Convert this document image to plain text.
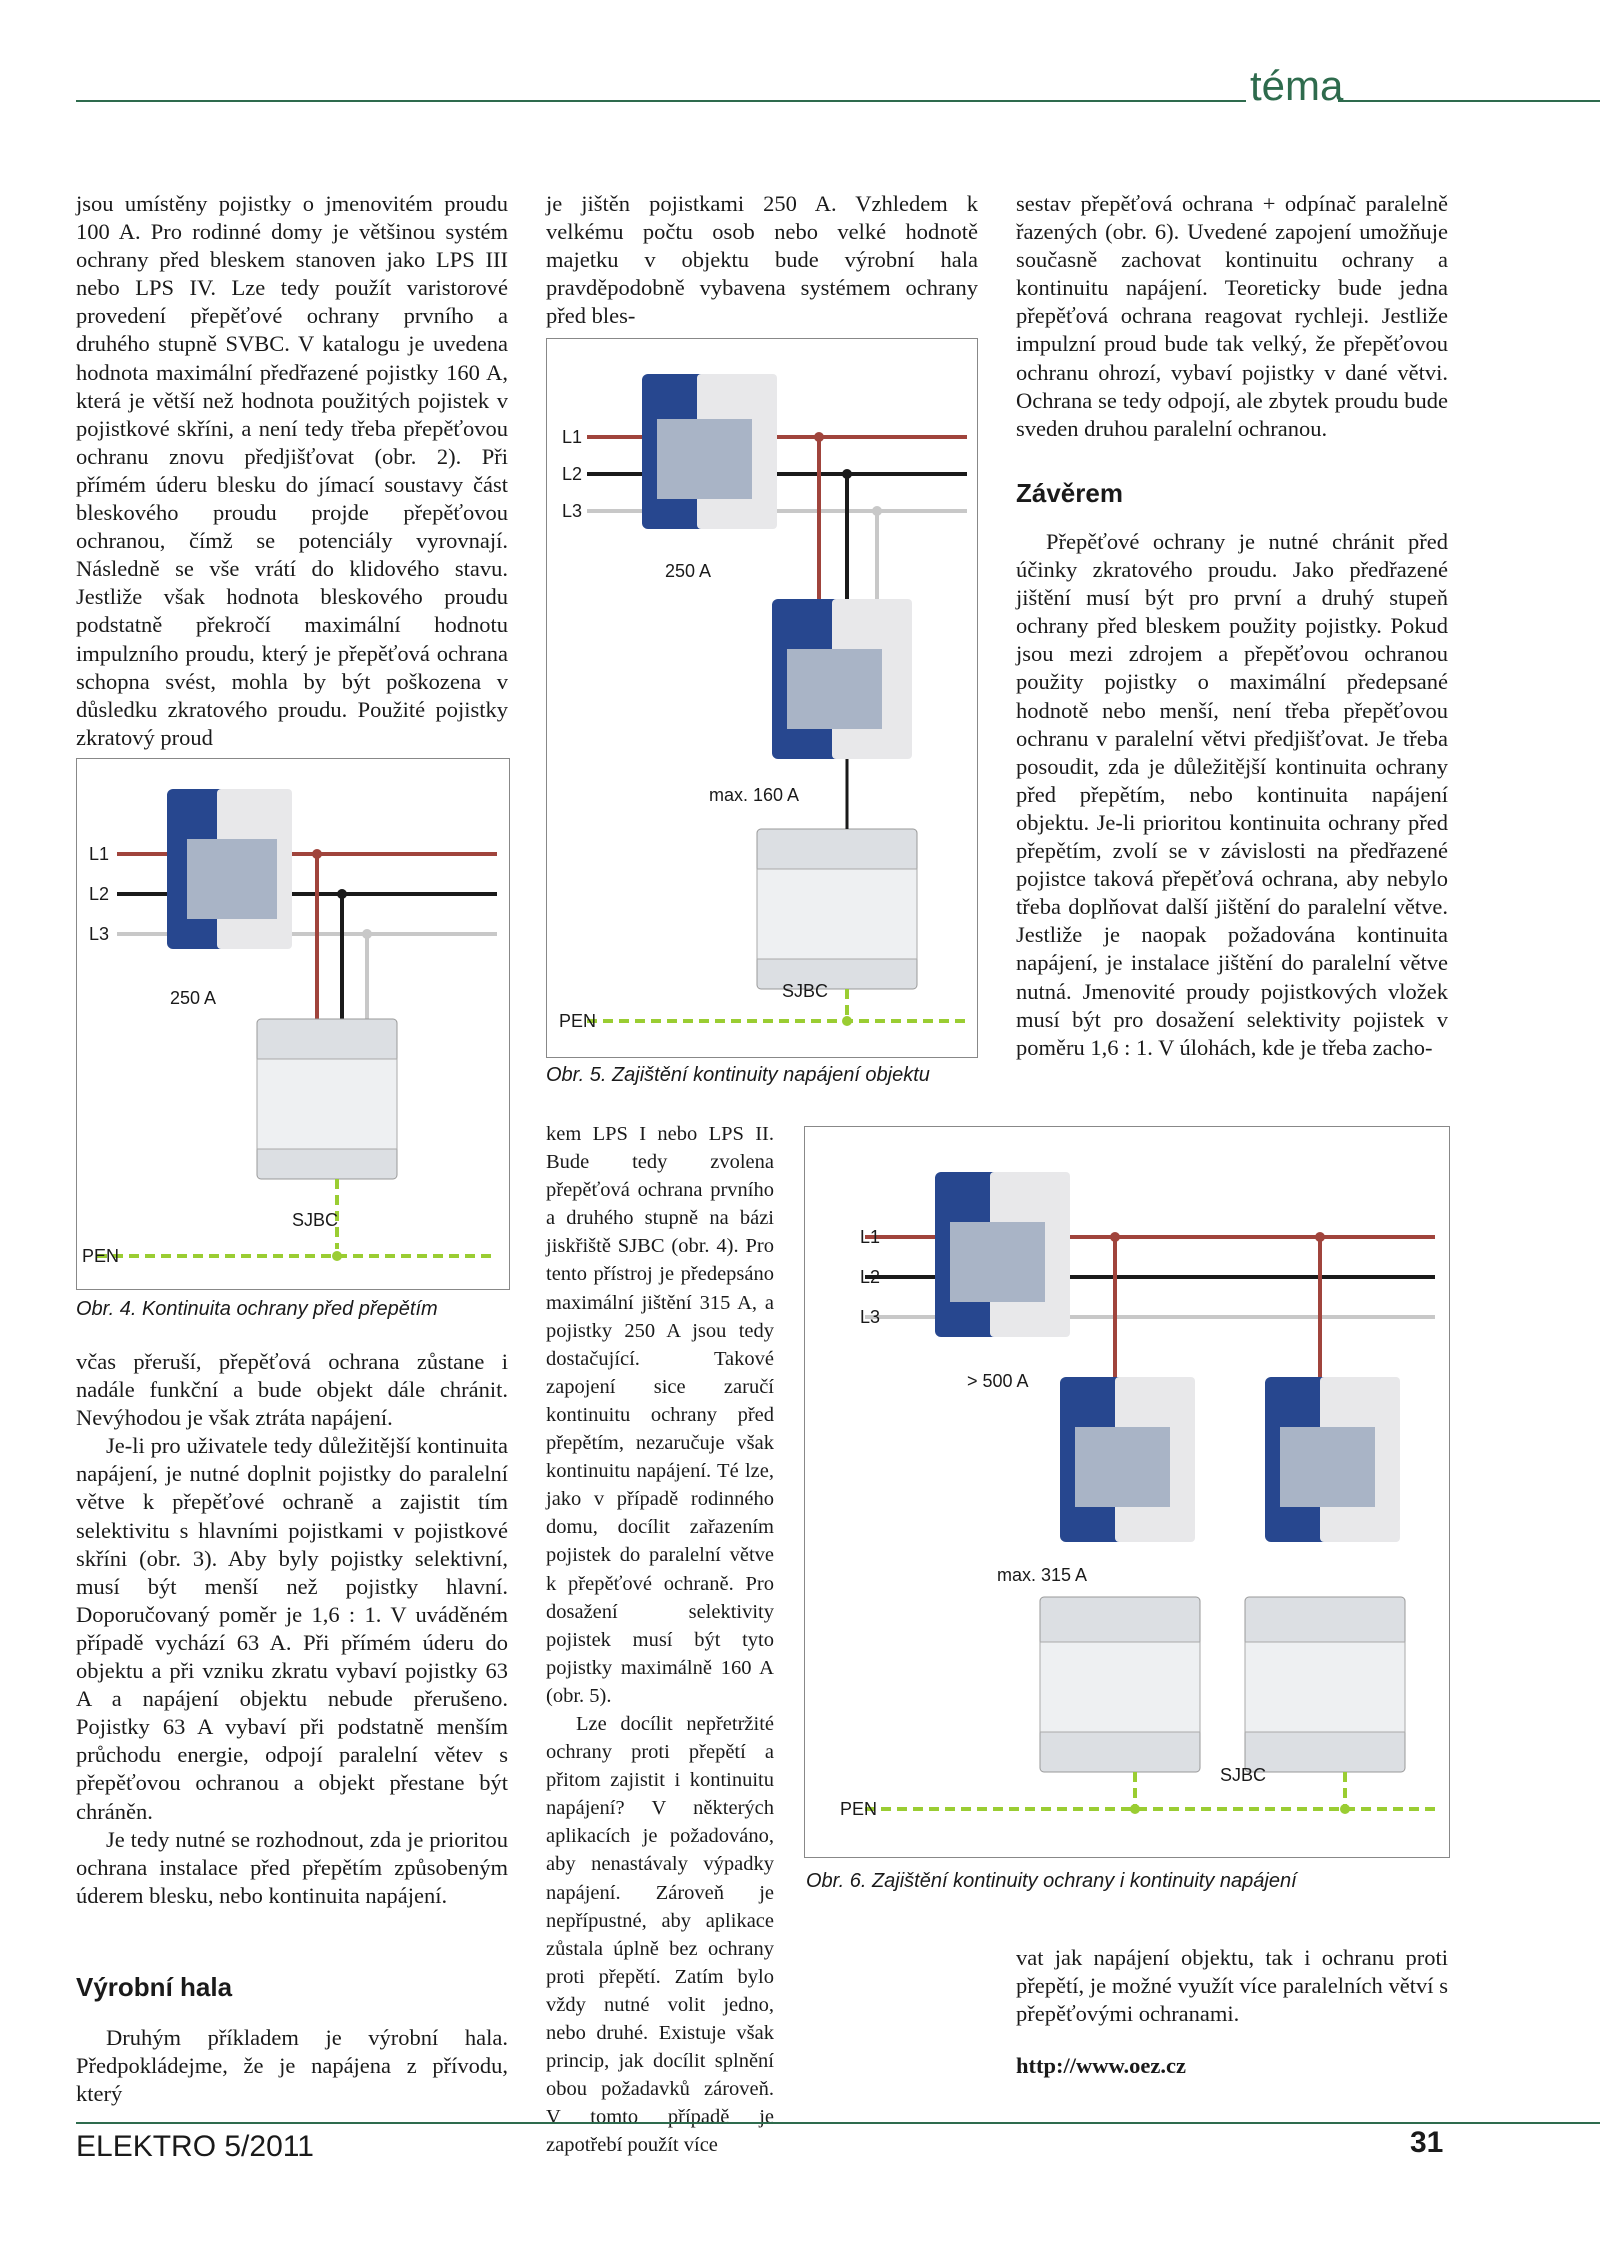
téma

jsou umístěny pojistky o jmenovitém proudu 100 A. Pro rodinné domy je většinou systém ochrany před bleskem stanoven jako LPS III nebo LPS IV. Lze tedy použít varistorové provedení přepěťové ochrany prvního a druhého stupně SVBC. V katalogu je uvedena hodnota maximální předřazené pojistky 160 A, která je větší než hodnota použitých pojistek v pojistkové skříni, a není tedy třeba přepěťovou ochranu znovu předjišťovat (obr. 2). Při přímém úderu blesku do jímací soustavy část bleskového proudu projde přepěťovou ochranou, čímž se potenciály vyrovnají. Následně se vše vrátí do klidového stavu. Jestliže však hodnota bleskového proudu podstatně překročí maximální hodnotu impulzního proudu, který je přepěťová ochrana schopna svést, mohla by být poškozena v důsledku zkratového proudu. Použité pojistky zkratový proud

L1
L2
L3
250 A
SJBC
PEN
Obr. 4. Kontinuita ochrany před přepětím

včas přeruší, přepěťová ochrana zůstane i nadále funkční a bude objekt dále chránit. Nevýhodou je však ztráta napájení.

Je-li pro uživatele tedy důležitější kontinuita napájení, je nutné doplnit pojistky do paralelní větve k přepěťové ochraně a zajistit tím selektivitu s hlavními pojistkami v pojistkové skříni (obr. 3). Aby byly pojistky selektivní, musí být menší než pojistky hlavní. Doporučovaný poměr je 1,6 : 1. V uváděném případě vychází 63 A. Při přímém úderu do objektu a při vzniku zkratu vybaví pojistky 63 A a napájení objektu nebude přerušeno. Pojistky 63 A vybaví při podstatně menším průchodu energie, odpojí paralelní větev s přepěťovou ochranou a objekt přestane být chráněn.

Je tedy nutné se rozhodnout, zda je prioritou ochrana instalace před přepětím způsobeným úderem blesku, nebo kontinuita napájení.

Výrobní hala

Druhým příkladem je výrobní hala. Předpokládejme, že je napájena z přívodu, který

je jištěn pojistkami 250 A. Vzhledem k velkému počtu osob nebo velké hodnotě majetku v objektu bude výrobní hala pravděpodobně vybavena systémem ochrany před bles-

L1
L2
L3
250 A
max. 160 A
SJBC
PEN
Obr. 5. Zajištění kontinuity napájení objektu

kem LPS I nebo LPS II. Bude tedy zvolena přepěťová ochrana prvního a druhého stupně na bázi jiskřiště SJBC (obr. 4). Pro tento přístroj je předepsáno maximální jištění 315 A, a pojistky 250 A jsou tedy dostačující. Takové zapojení sice zaručí kontinuitu ochrany před přepětím, nezaručuje však kontinuitu napájení. Té lze, jako v případě rodinného domu, docílit zařazením pojistek do paralelní větve k přepěťové ochraně. Pro dosažení selektivity pojistek musí být tyto pojistky maximálně 160 A (obr. 5).

Lze docílit nepřetržité ochrany proti přepětí a přitom zajistit i kontinuitu napájení? V některých aplikacích je požadováno, aby nenastávaly výpadky napájení. Zároveň je nepřípustné, aby aplikace zůstala úplně bez ochrany proti přepětí. Zatím bylo vždy nutné volit jedno, nebo druhé. Existuje však princip, jak docílit splnění obou požadavků zároveň. V tomto případě je zapotřebí použít více

sestav přepěťová ochrana + odpínač paralelně řazených (obr. 6). Uvedené zapojení umožňuje současně zachovat kontinuitu ochrany a kontinuitu napájení. Teoreticky bude jedna přepěťová ochrana reagovat rychleji. Jestliže impulzní proud bude tak velký, že přepěťovou ochranu ohrozí, vybaví pojistky v dané větvi. Ochrana se tedy odpojí, ale zbytek proudu bude sveden druhou paralelní ochranou.

Závěrem

Přepěťové ochrany je nutné chránit před účinky zkratového proudu. Jako předřazené jištění musí být pro první a druhý stupeň ochrany před bleskem použity pojistky. Pokud jsou mezi zdrojem a přepěťovou ochranou použity pojistky o maximální předepsané hodnotě nebo menší, není třeba přepěťovou ochranu v paralelní větvi předjišťovat. Je třeba posoudit, zda je důležitější kontinuita ochrany před přepětím, nebo kontinuita napájení objektu. Je-li prioritou kontinuita ochrany před přepětím, zvolí se v závislosti na předřazené pojistce taková přepěťová ochrana, aby nebylo třeba doplňovat další jištění do paralelní větve. Jestliže je naopak požadována kontinuita napájení, je instalace jištění do paralelní větve nutná. Jmenovité proudy pojistkových vložek musí být pro dosažení selektivity pojistek v poměru 1,6 : 1. V úlohách, kde je třeba zacho-

L1
L2
L3
> 500 A
max. 315 A
SJBC
PEN
Obr. 6. Zajištění kontinuity ochrany i kontinuity napájení

vat jak napájení objektu, tak i ochranu proti přepětí, je možné využít více paralelních větví s přepěťovými ochranami.

http://www.oez.cz
ELEKTRO 5/2011	31
